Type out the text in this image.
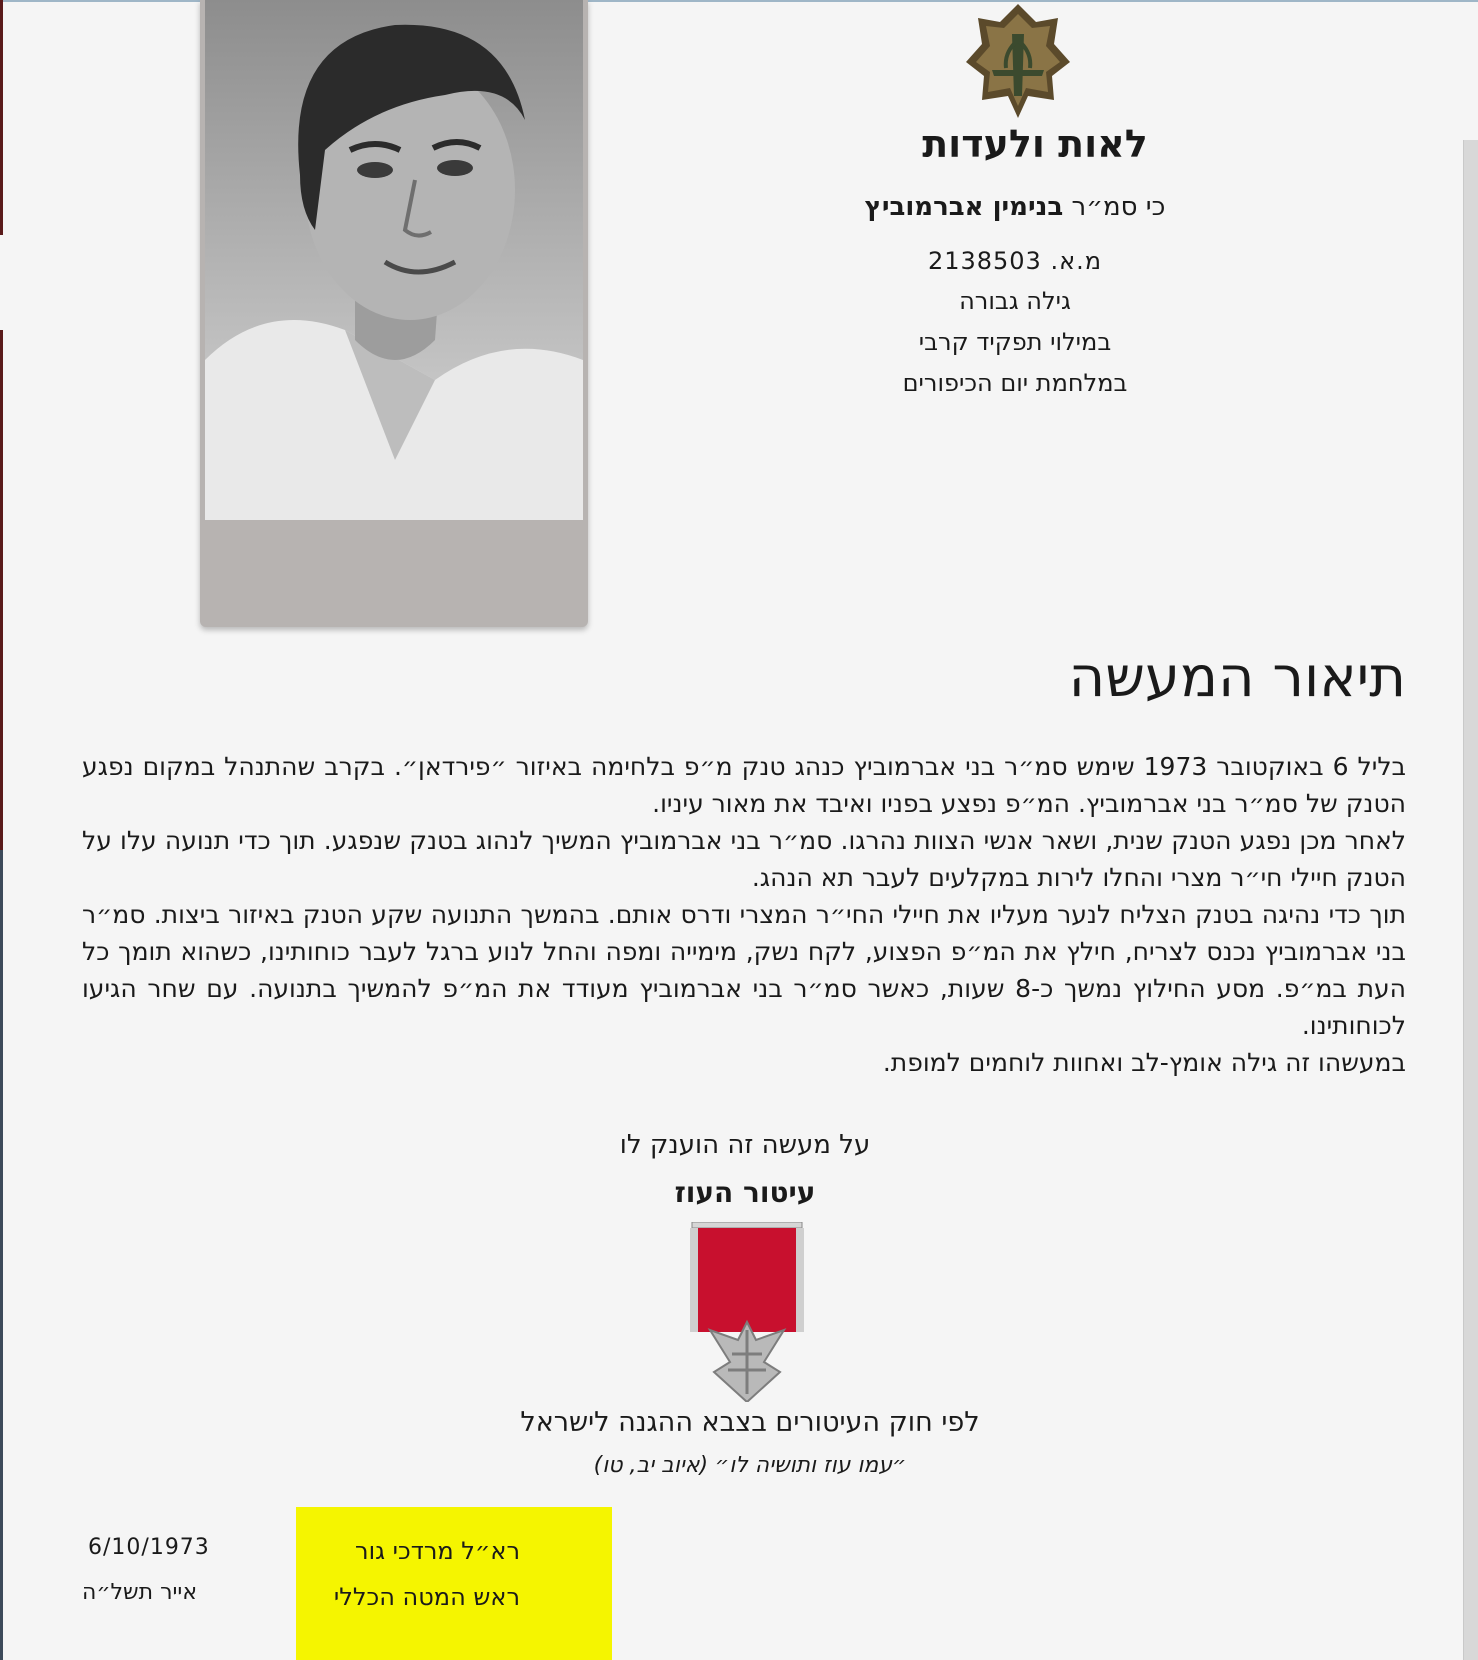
לאות ולעדות
כי סמ״ר בנימין אברמוביץ
מ.א. 2138503
גילה גבורה
במילוי תפקיד קרבי
במלחמת יום הכיפורים
תיאור המעשה

בליל 6 באוקטובר 1973 שימש סמ״ר בני אברמוביץ כנהג טנק מ״פ בלחימה באיזור ״פירדאן״. בקרב שהתנהל במקום נפגע הטנק של סמ״ר בני אברמוביץ. המ״פ נפצע בפניו ואיבד את מאור עיניו.

לאחר מכן נפגע הטנק שנית, ושאר אנשי הצוות נהרגו. סמ״ר בני אברמוביץ המשיך לנהוג בטנק שנפגע. תוך כדי תנועה עלו על הטנק חיילי חי״ר מצרי והחלו לירות במקלעים לעבר תא הנהג.

תוך כדי נהיגה בטנק הצליח לנער מעליו את חיילי החי״ר המצרי ודרס אותם. בהמשך התנועה שקע הטנק באיזור ביצות. סמ״ר בני אברמוביץ נכנס לצריח, חילץ את המ״פ הפצוע, לקח נשק, מימייה ומפה והחל לנוע ברגל לעבר כוחותינו, כשהוא תומך כל העת במ״פ. מסע החילוץ נמשך כ-8 שעות, כאשר סמ״ר בני אברמוביץ מעודד את המ״פ להמשיך בתנועה. עם שחר הגיעו לכוחותינו.

במעשהו זה גילה אומץ-לב ואחוות לוחמים למופת.

על מעשה זה הוענק לו
עיטור העוז
לפי חוק העיטורים בצבא ההגנה לישראל
״עמו עוז ותושיה לו״ (איוב יב, טו)
6/10/1973
אייר תשל״ה
רא״ל מרדכי גור
ראש המטה הכללי
